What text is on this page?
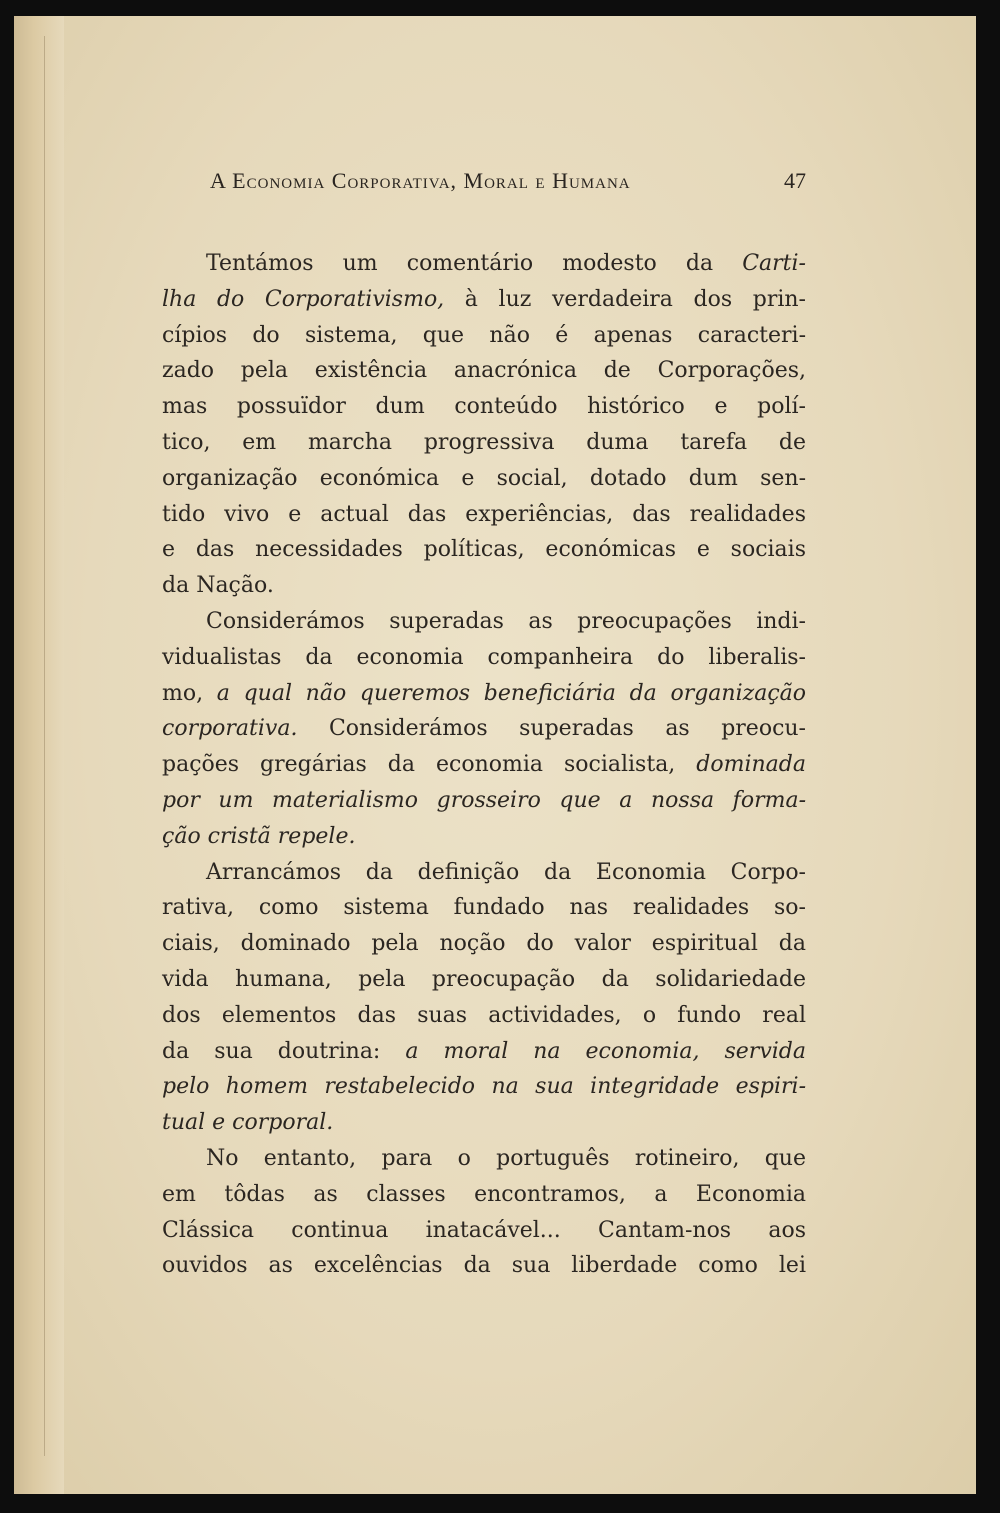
A Economia Corporativa, Moral e Humana	47
Tentámos um comentário modesto da Carti-
lha do Corporativismo, à luz verdadeira dos prin-
cípios do sistema, que não é apenas caracteri-
zado pela existência anacrónica de Corporações,
mas possuïdor dum conteúdo histórico e polí-
tico, em marcha progressiva duma tarefa de
organização económica e social, dotado dum sen-
tido vivo e actual das experiências, das realidades
e das necessidades políticas, económicas e sociais
da Nação.
Considerámos superadas as preocupações indi-
vidualistas da economia companheira do liberalis-
mo, a qual não queremos beneficiária da organização
corporativa. Considerámos superadas as preocu-
pações gregárias da economia socialista, dominada
por um materialismo grosseiro que a nossa forma-
ção cristã repele.
Arrancámos da definição da Economia Corpo-
rativa, como sistema fundado nas realidades so-
ciais, dominado pela noção do valor espiritual da
vida humana, pela preocupação da solidariedade
dos elementos das suas actividades, o fundo real
da sua doutrina: a moral na economia, servida
pelo homem restabelecido na sua integridade espiri-
tual e corporal.
No entanto, para o português rotineiro, que
em tôdas as classes encontramos, a Economia
Clássica continua inatacável... Cantam-nos aos
ouvidos as excelências da sua liberdade como lei
